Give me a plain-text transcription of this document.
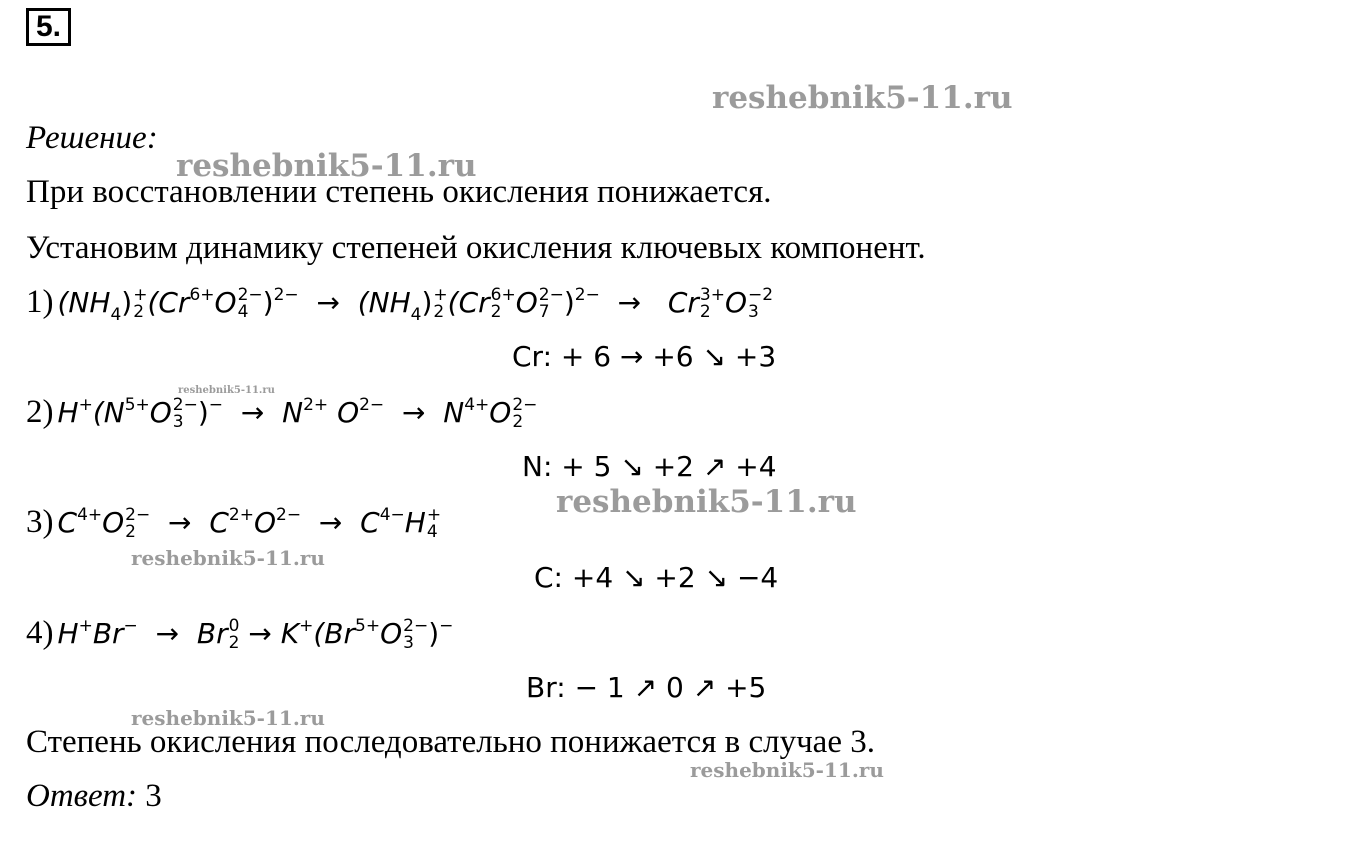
5.
reshebnik5-11.ru
reshebnik5-11.ru
reshebnik5-11.ru
reshebnik5-11.ru
reshebnik5-11.ru
reshebnik5-11.ru
reshebnik5-11.ru
Решение:
При восстановлении степень окисления понижается.
Установим динамику степеней окисления ключевых компонент.
1) $(NH_4)$ +
2 ($Cr^{6+}O$ 2−
4 )$^{2-} \to (NH_4)$ +
2 (Cr 6+
2 O 2−
7 )$^{2-}$ → Cr 3+
2 O −2
3
Cr: + 6 → +6 ↘ +3
2) $H^+(N^{5+}O$ 2−
3 )$^- \to N^{2+}$ $O^{2-} \to N^{4+}O$ 2−
2
N: + 5 ↘ +2 ↗ +4
3) $C^{4+}O$ 2−
2	→ $C^{2+}O^{2-} \to C^{4-}H$ +
4
C: +4 ↘ +2 ↘ −4
4) H+Br− → Br 0
$2 \to K^+(Br^{5+}O$ 2−
3 )−
Br: − 1 ↗ 0 ↗ +5
Степень окисления последовательно понижается в случае 3.
Ответ: 3
